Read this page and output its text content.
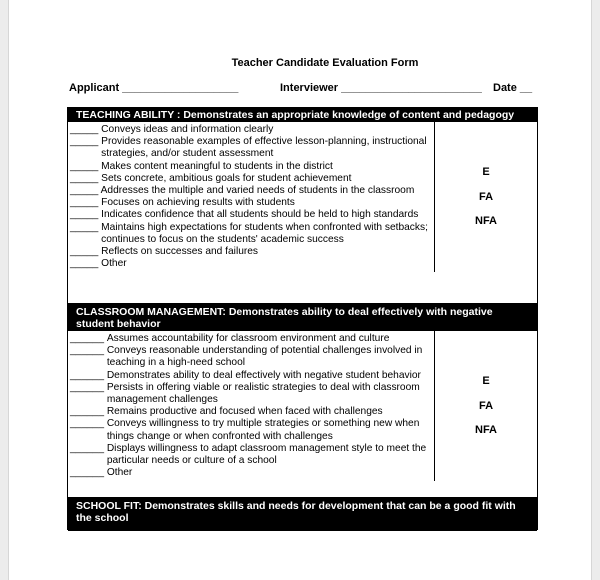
Teacher Candidate Evaluation Form
Applicant ___________________	Interviewer _______________________ Date __
TEACHING ABILITY : Demonstrates an appropriate knowledge of content and pedagogy
_____ Conveys ideas and information clearly
_____ Provides reasonable examples of effective lesson-planning, instructional strategies, and/or student assessment
_____ Makes content meaningful to students in the district
_____ Sets concrete, ambitious goals for student achievement
_____ Addresses the multiple and varied needs of students in the classroom
_____ Focuses on achieving results with students
_____ Indicates confidence that all students should be held to high standards
_____ Maintains high expectations for students when confronted with setbacks; continues to focus on the students' academic success
_____ Reflects on successes and failures
_____ Other
E
FA
NFA
CLASSROOM MANAGEMENT: Demonstrates ability to deal effectively with negative student behavior
______ Assumes accountability for classroom environment and culture
______ Conveys reasonable understanding of potential challenges involved in teaching in a high-need school
______ Demonstrates ability to deal effectively with negative student behavior
______ Persists in offering viable or realistic strategies to deal with classroom management challenges
______ Remains productive and focused when faced with challenges
______ Conveys willingness to try multiple strategies or something new when things change or when confronted with challenges
______ Displays willingness to adapt classroom management style to meet the particular needs or culture of a school
______ Other
E
FA
NFA
SCHOOL FIT: Demonstrates skills and needs for development that can be a good fit with the school
